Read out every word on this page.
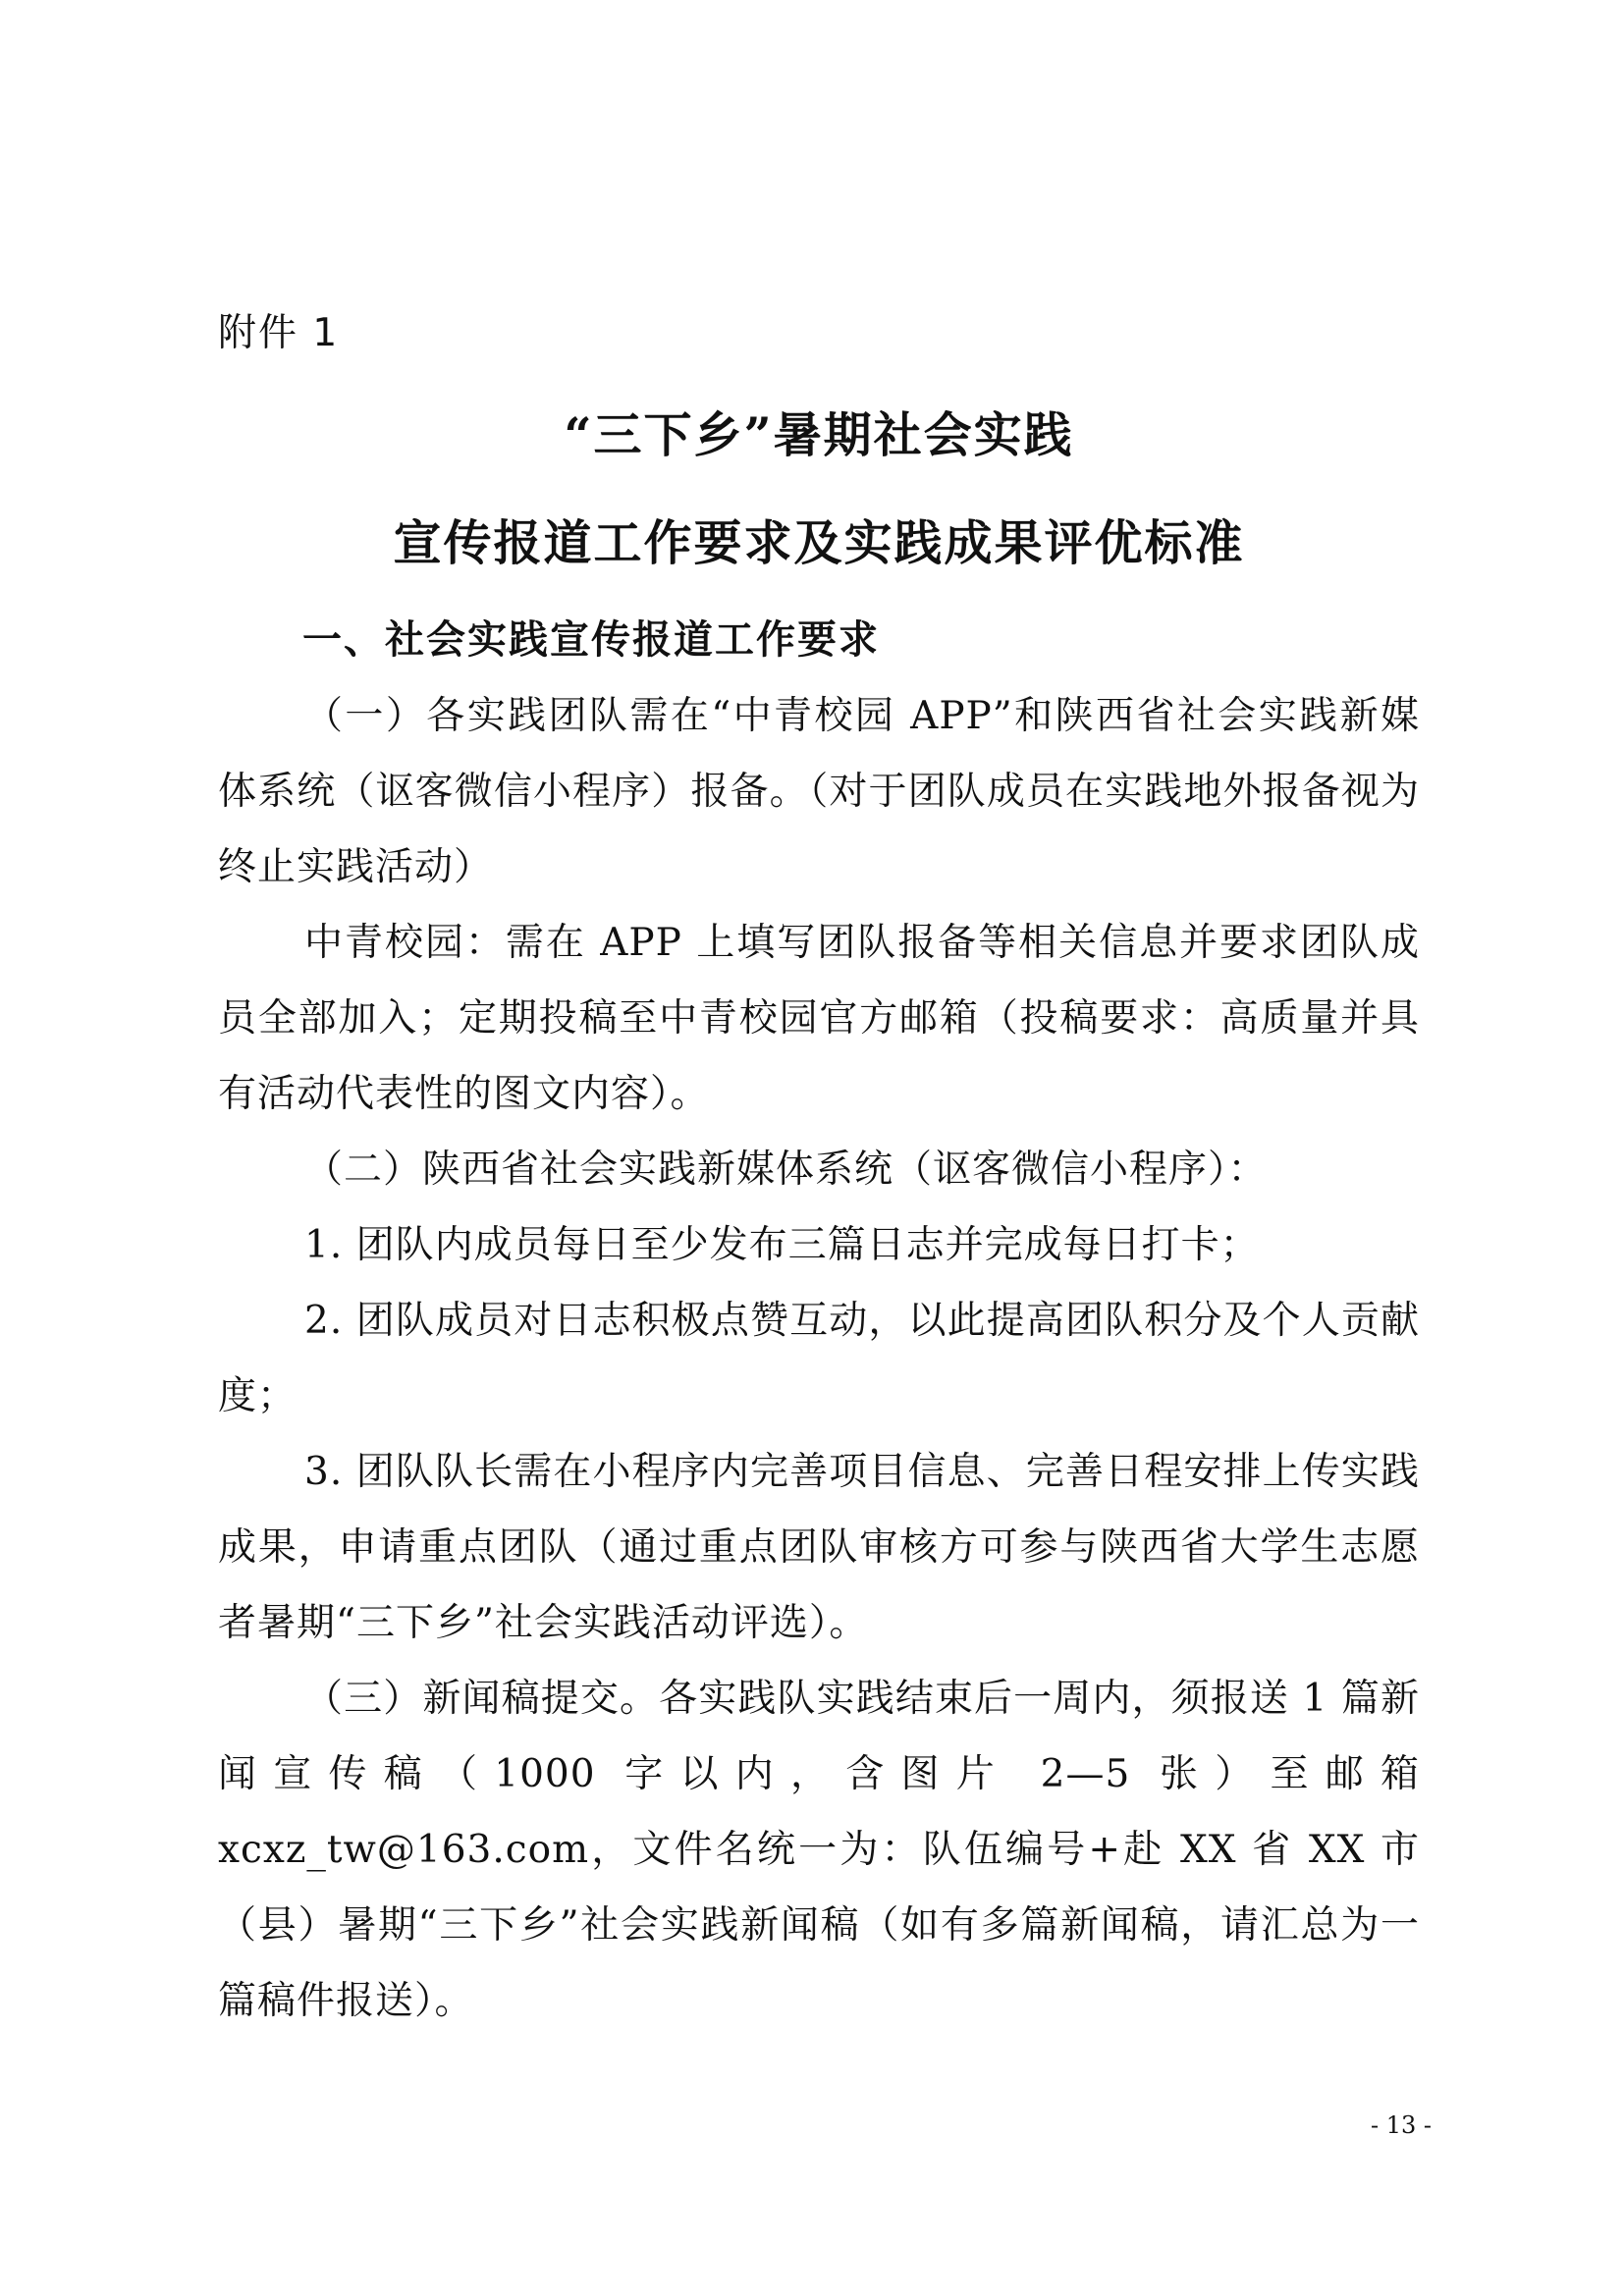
附件 1
“三下乡”暑期社会实践
宣传报道工作要求及实践成果评优标准
一、社会实践宣传报道工作要求

（一）各实践团队需在“中青校园 APP”和陕西省社会实践新媒体系统（讴客微信小程序）报备。（对于团队成员在实践地外报备视为终止实践活动）

中青校园：需在 APP 上填写团队报备等相关信息并要求团队成员全部加入；定期投稿至中青校园官方邮箱（投稿要求：高质量并具有活动代表性的图文内容）。

（二）陕西省社会实践新媒体系统（讴客微信小程序）：

1. 团队内成员每日至少发布三篇日志并完成每日打卡；

2. 团队成员对日志积极点赞互动，以此提高团队积分及个人贡献度；

3. 团队队长需在小程序内完善项目信息、完善日程安排上传实践成果，申请重点团队（通过重点团队审核方可参与陕西省大学生志愿者暑期“三下乡”社会实践活动评选）。

（三）新闻稿提交。各实践队实践结束后一周内，须报送 1 篇新闻宣传稿（1000 字以内，含图片 2—5 张）至邮箱 xcxz_tw@163.com，文件名统一为：队伍编号+赴 XX 省 XX 市（县）暑期“三下乡”社会实践新闻稿（如有多篇新闻稿，请汇总为一篇稿件报送）。

- 13 -
